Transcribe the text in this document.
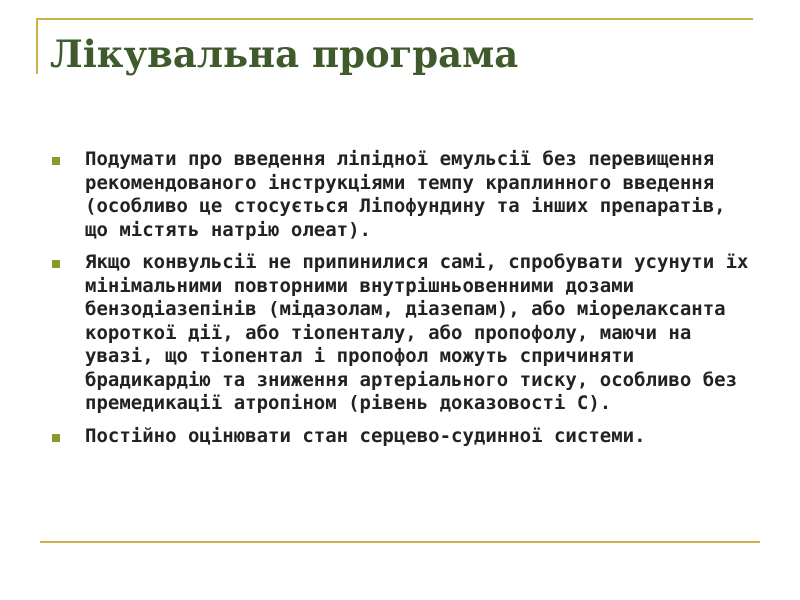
Лікувальна програма
Подумати про введення ліпідної емульсії без перевищення рекомендованого інструкціями темпу краплинного введення (особливо це стосується Ліпофундину та інших препаратів, що містять натрію олеат).
Якщо конвульсії не припинилися самі, спробувати усунути їх мінімальними повторними внутрішньовенними дозами бензодіазепінів (мідазолам, діазепам), або міорелаксанта короткої дії, або тіопенталу, або пропофолу, маючи на увазі, що тіопентал і пропофол можуть спричиняти брадикардію та зниження артеріального тиску, особливо без премедикації атропіном (рівень доказовості С).
Постійно оцінювати стан серцево-судинної системи.
